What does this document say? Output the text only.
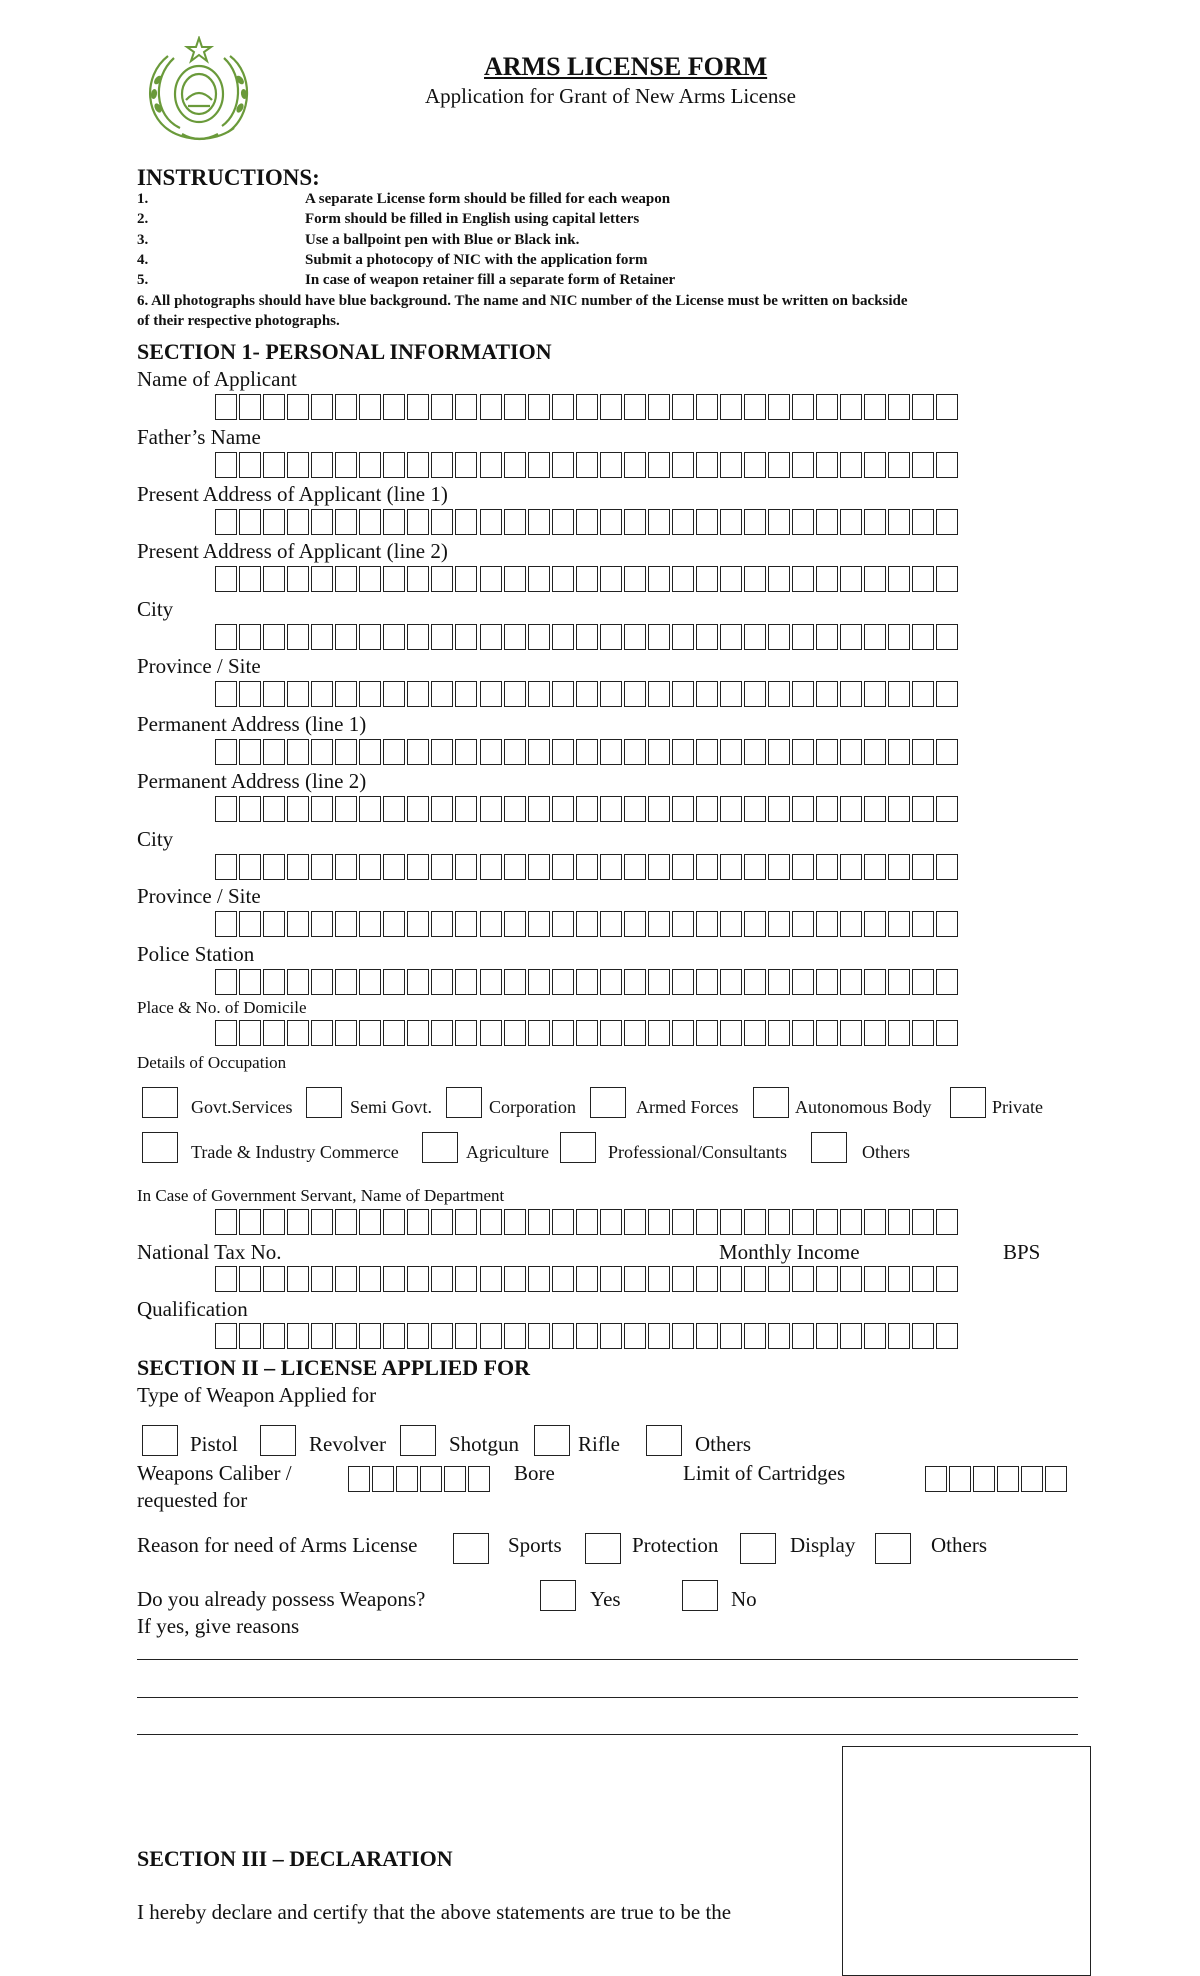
ARMS LICENSE FORM
Application for Grant of New Arms License
INSTRUCTIONS:
1.	A separate License form should be filled for each weapon
2.	Form should be filled in English using capital letters
3.	Use a ballpoint pen with Blue or Black ink.
4.	Submit a photocopy of NIC with the application form
5.	In case of weapon retainer fill a separate form of Retainer
6. All photographs should have blue background. The name and NIC number of the License must be written on backside
of their respective photographs.
SECTION 1- PERSONAL INFORMATION
Name of Applicant
Father’s Name
Present Address of Applicant (line 1)
Present Address of Applicant (line 2)
City
Province / Site
Permanent Address (line 1)
Permanent Address (line 2)
City
Province / Site
Police Station
Place & No. of Domicile
Details of Occupation
Govt.Services	Semi Govt.	Corporation	Armed Forces	Autonomous Body	Private
Trade & Industry Commerce	Agriculture	Professional/Consultants	Others
In Case of Government Servant, Name of Department
National Tax No.	Monthly Income	BPS
Qualification
SECTION II – LICENSE APPLIED FOR
Type of Weapon Applied for
Pistol	Revolver	Shotgun	Rifle	Others
Weapons Caliber /
requested for
Bore	Limit of Cartridges
Reason for need of Arms License	Sports	Protection	Display	Others
Do you already possess Weapons?	Yes	No
If yes, give reasons
SECTION III – DECLARATION
I hereby declare and certify that the above statements are true to be the
